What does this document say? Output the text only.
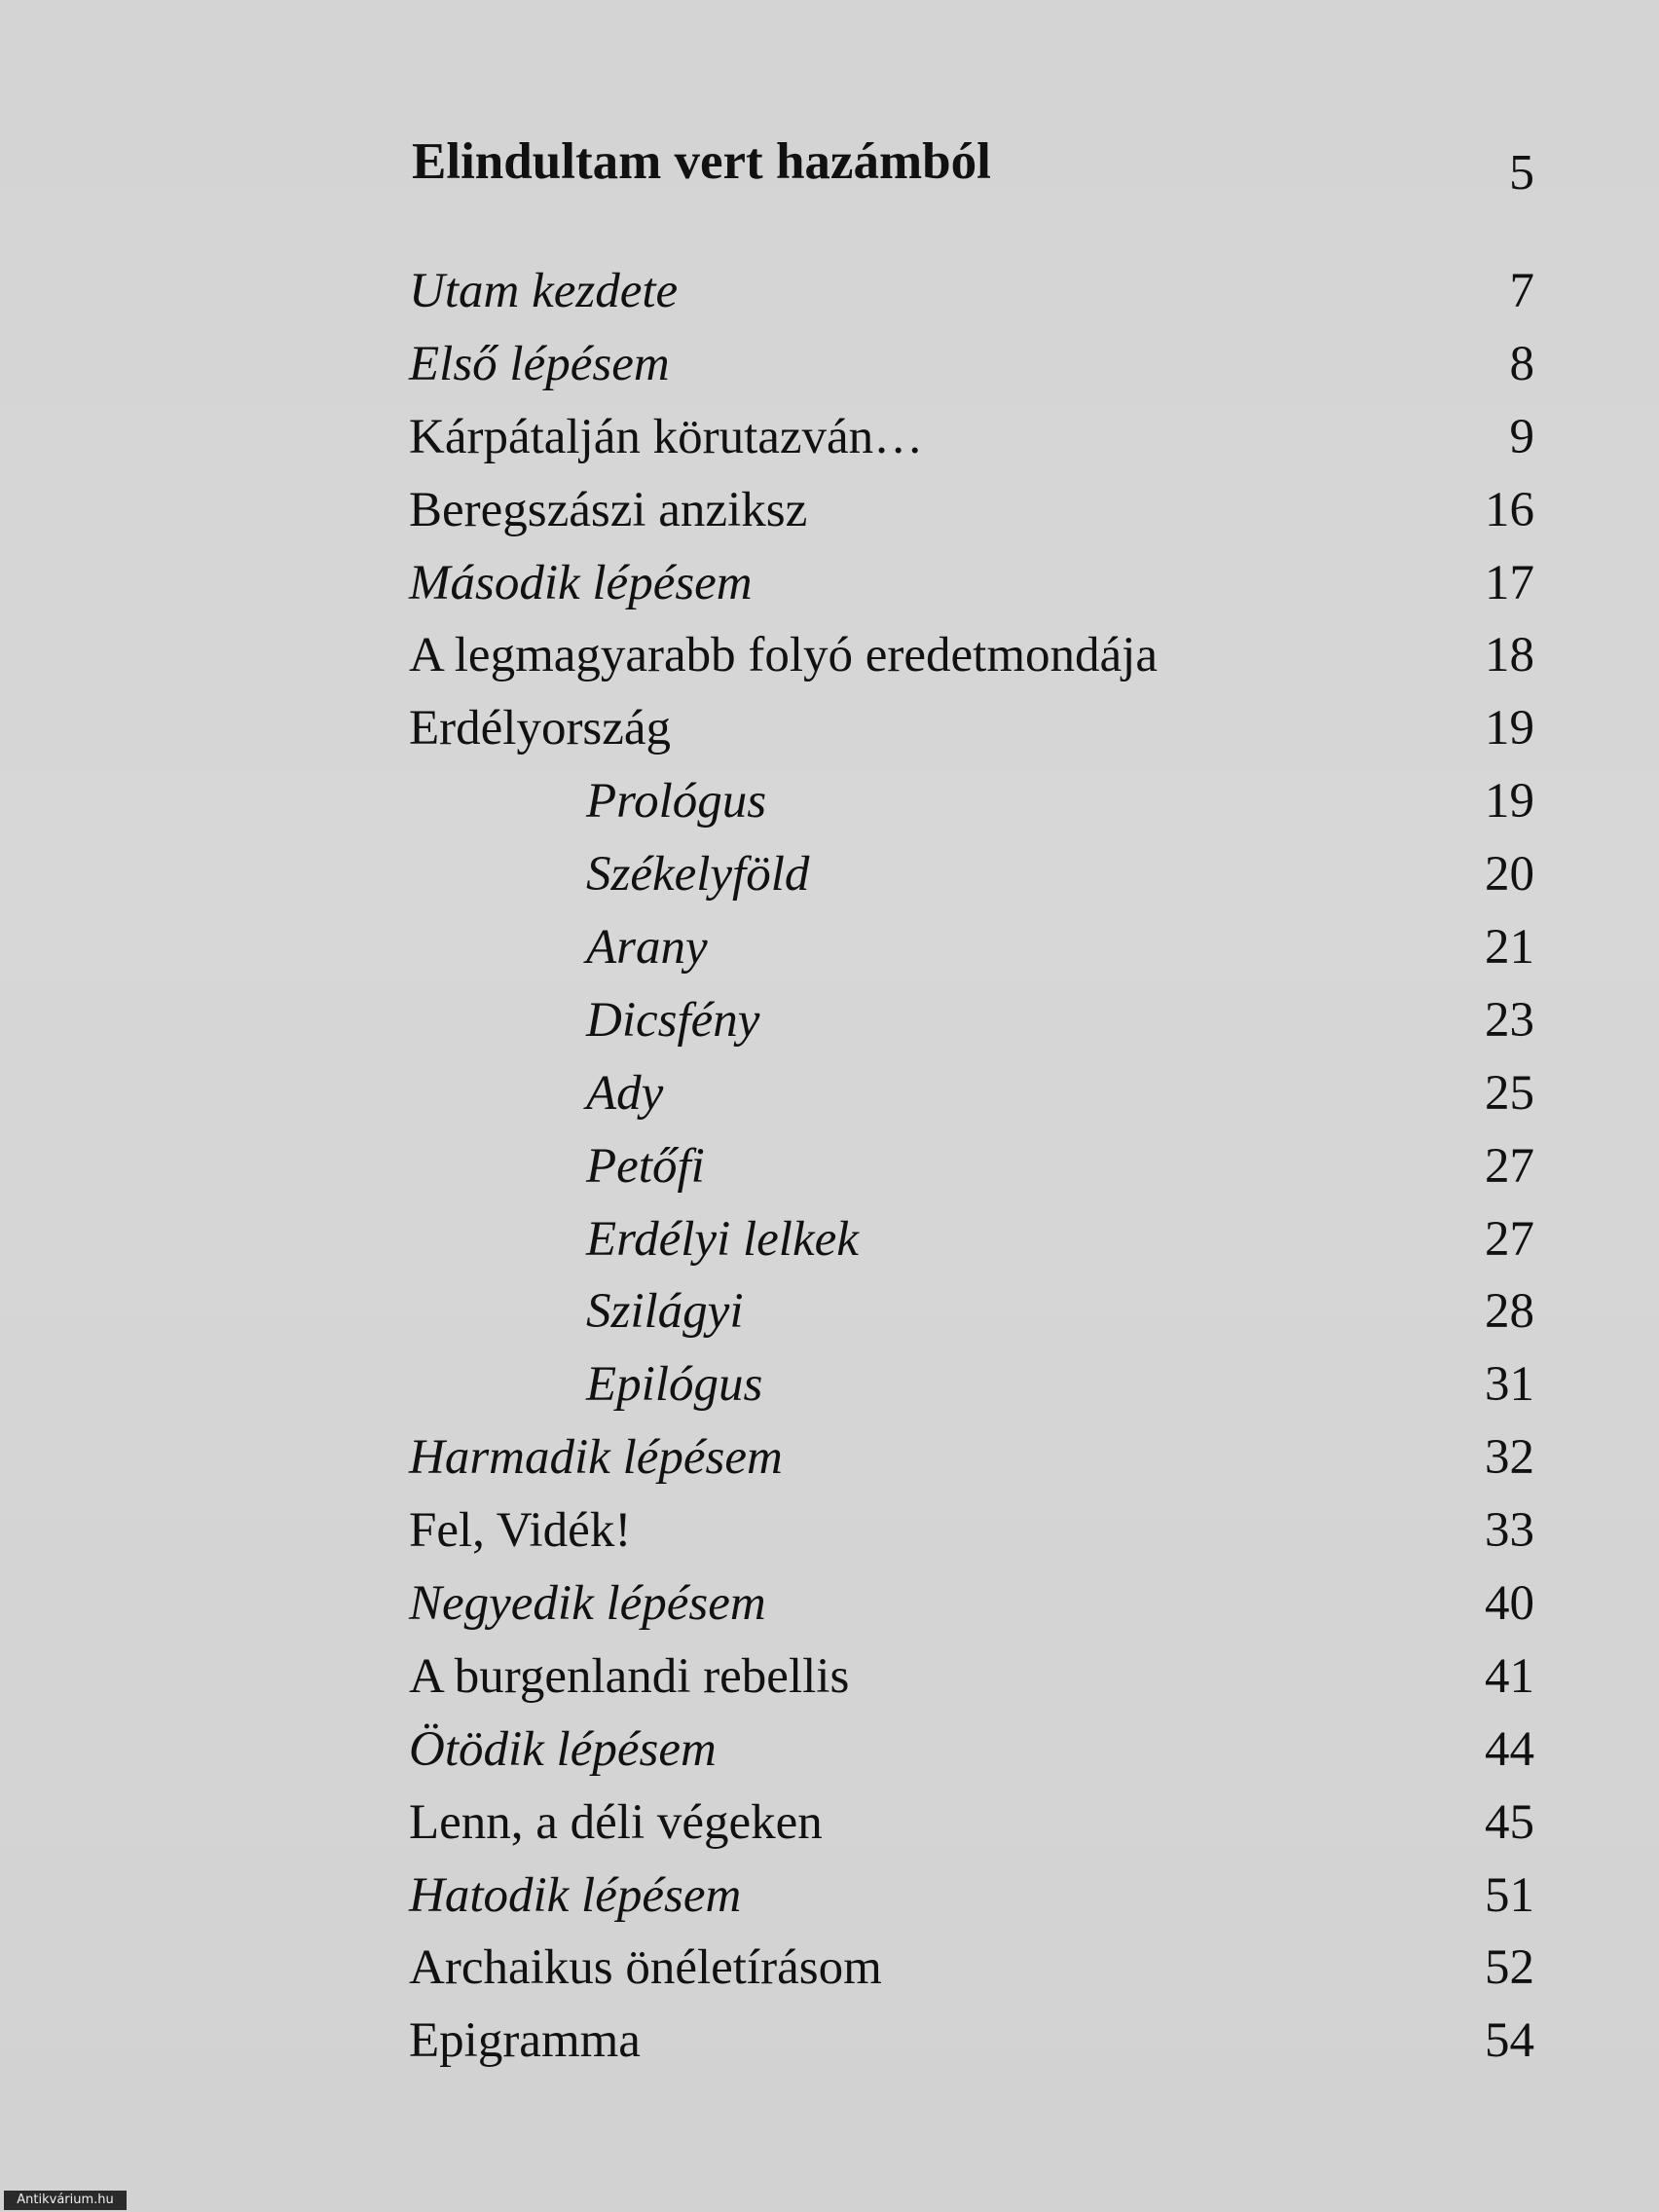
Elindultam vert hazámból	5
Utam kezdete	7
Első lépésem	8
Kárpátalján körutazván…	9
Beregszászi anziksz	16
Második lépésem	17
A legmagyarabb folyó eredetmondája	18
Erdélyország	19
Prológus	19
Székelyföld	20
Arany	21
Dicsfény	23
Ady	25
Petőfi	27
Erdélyi lelkek	27
Szilágyi	28
Epilógus	31
Harmadik lépésem	32
Fel, Vidék!	33
Negyedik lépésem	40
A burgenlandi rebellis	41
Ötödik lépésem	44
Lenn, a déli végeken	45
Hatodik lépésem	51
Archaikus önéletírásom	52
Epigramma	54
Antikvárium.hu
